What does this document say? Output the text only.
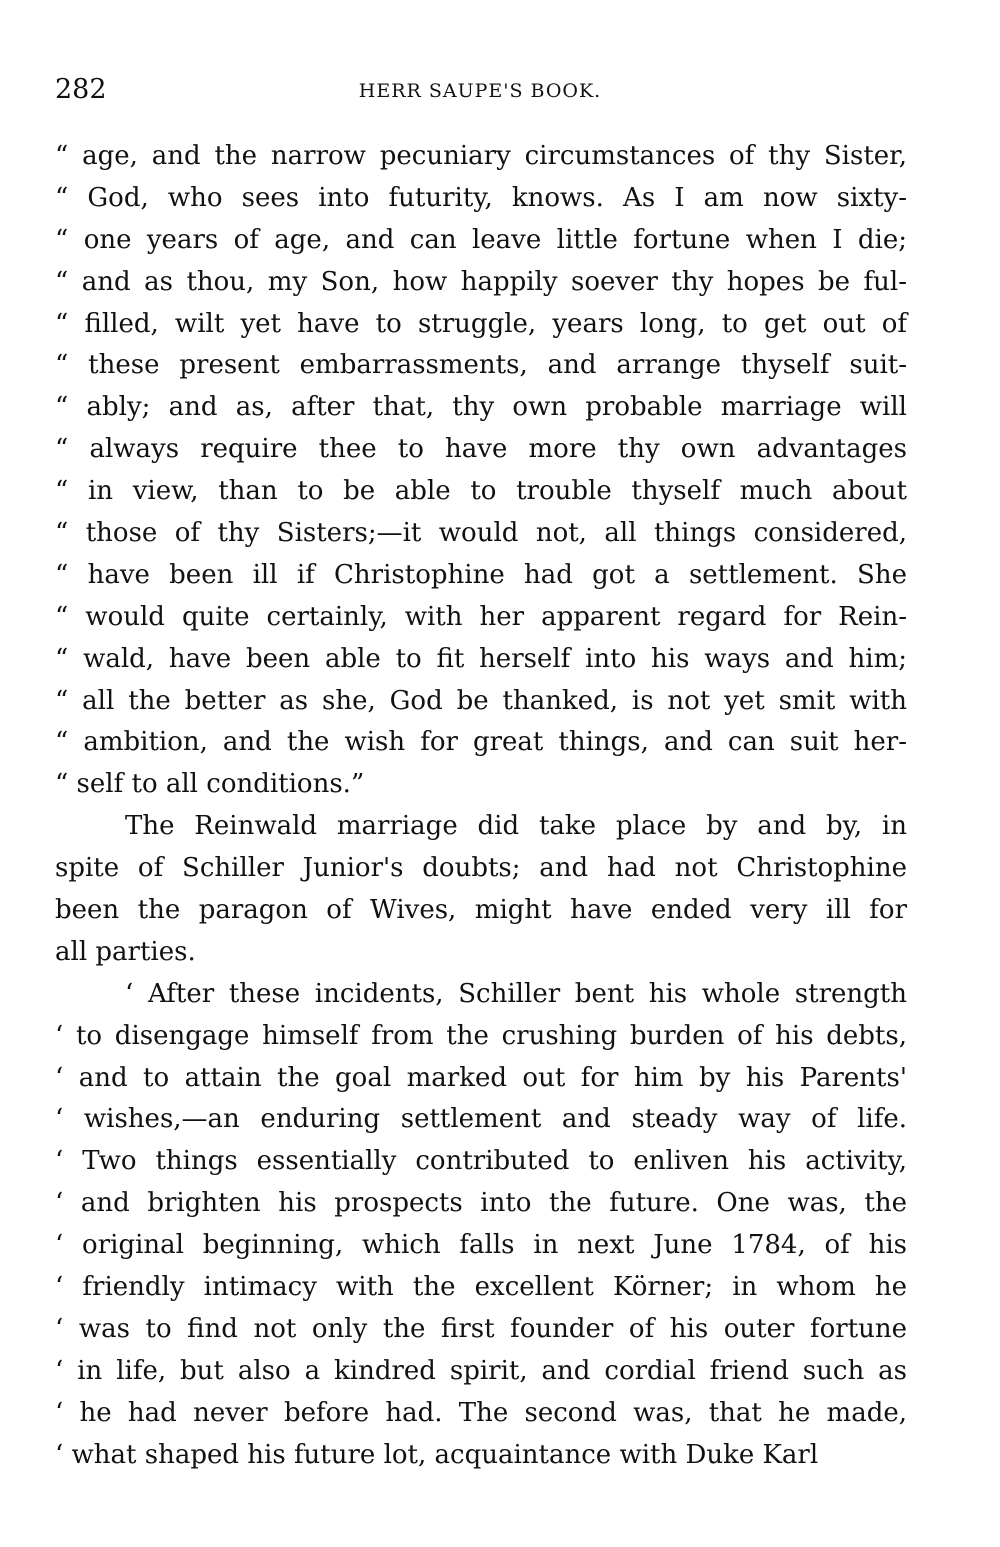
282	HERR SAUPE'S BOOK.
“ age, and the narrow pecuniary circumstances of thy Sister,
“ God, who sees into futurity, knows. As I am now sixty-
“ one years of age, and can leave little fortune when I die;
“ and as thou, my Son, how happily soever thy hopes be ful-
“ filled, wilt yet have to struggle, years long, to get out of
“ these present embarrassments, and arrange thyself suit-
“ ably; and as, after that, thy own probable marriage will
“ always require thee to have more thy own advantages
“ in view, than to be able to trouble thyself much about
“ those of thy Sisters;—it would not, all things considered,
“ have been ill if Christophine had got a settlement. She
“ would quite certainly, with her apparent regard for Rein-
“ wald, have been able to fit herself into his ways and him;
“ all the better as she, God be thanked, is not yet smit with
“ ambition, and the wish for great things, and can suit her-
“ self to all conditions.”
The Reinwald marriage did take place by and by, in
spite of Schiller Junior's doubts; and had not Christophine
been the paragon of Wives, might have ended very ill for
all parties.
‘ After these incidents, Schiller bent his whole strength
‘ to disengage himself from the crushing burden of his debts,
‘ and to attain the goal marked out for him by his Parents'
‘ wishes,—an enduring settlement and steady way of life.
‘ Two things essentially contributed to enliven his activity,
‘ and brighten his prospects into the future. One was, the
‘ original beginning, which falls in next June 1784, of his
‘ friendly intimacy with the excellent Körner; in whom he
‘ was to find not only the first founder of his outer fortune
‘ in life, but also a kindred spirit, and cordial friend such as
‘ he had never before had. The second was, that he made,
‘ what shaped his future lot, acquaintance with Duke Karl
